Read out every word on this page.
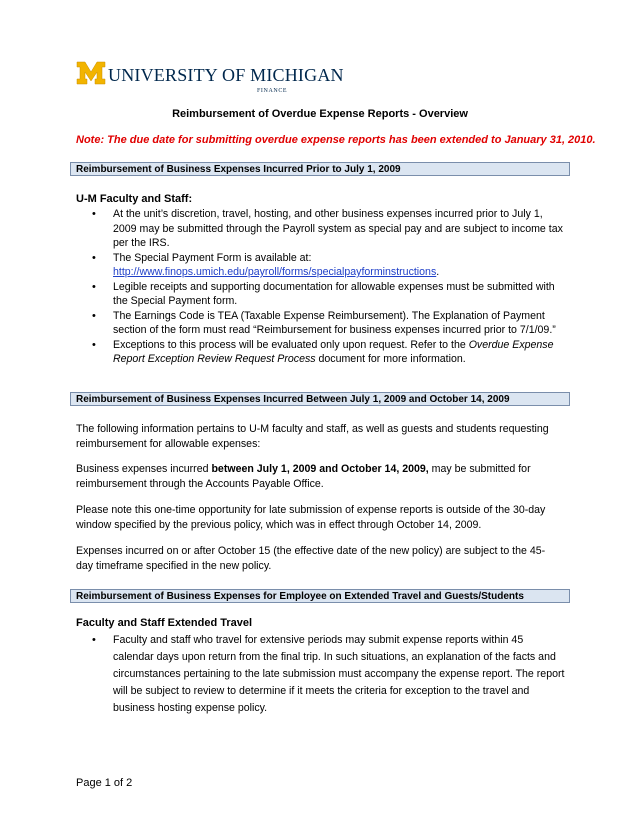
UNIVERSITY OF MICHIGAN
FINANCE
Reimbursement of Overdue Expense Reports - Overview
Note: The due date for submitting overdue expense reports has been extended to January 31, 2010.
Reimbursement of Business Expenses Incurred Prior to July 1, 2009
U-M Faculty and Staff:
• At the unit’s discretion, travel, hosting, and other business expenses incurred prior to July 1, 2009 may be submitted through the Payroll system as special pay and are subject to income tax per the IRS.
• The Special Payment Form is available at:
http://www.finops.umich.edu/payroll/forms/specialpayforminstructions.
• Legible receipts and supporting documentation for allowable expenses must be submitted with the Special Payment form.
• The Earnings Code is TEA (Taxable Expense Reimbursement). The Explanation of Payment section of the form must read “Reimbursement for business expenses incurred prior to 7/1/09.”
• Exceptions to this process will be evaluated only upon request. Refer to the Overdue Expense Report Exception Review Request Process document for more information.
Reimbursement of Business Expenses Incurred Between July 1, 2009 and October 14, 2009
The following information pertains to U-M faculty and staff, as well as guests and students requesting reimbursement for allowable expenses:
Business expenses incurred between July 1, 2009 and October 14, 2009, may be submitted for reimbursement through the Accounts Payable Office.
Please note this one-time opportunity for late submission of expense reports is outside of the 30-day window specified by the previous policy, which was in effect through October 14, 2009.
Expenses incurred on or after October 15 (the effective date of the new policy) are subject to the 45-day timeframe specified in the new policy.
Reimbursement of Business Expenses for Employee on Extended Travel and Guests/Students
Faculty and Staff Extended Travel
• Faculty and staff who travel for extensive periods may submit expense reports within 45 calendar days upon return from the final trip. In such situations, an explanation of the facts and circumstances pertaining to the late submission must accompany the expense report. The report will be subject to review to determine if it meets the criteria for exception to the travel and business hosting expense policy.
Page 1 of 2
